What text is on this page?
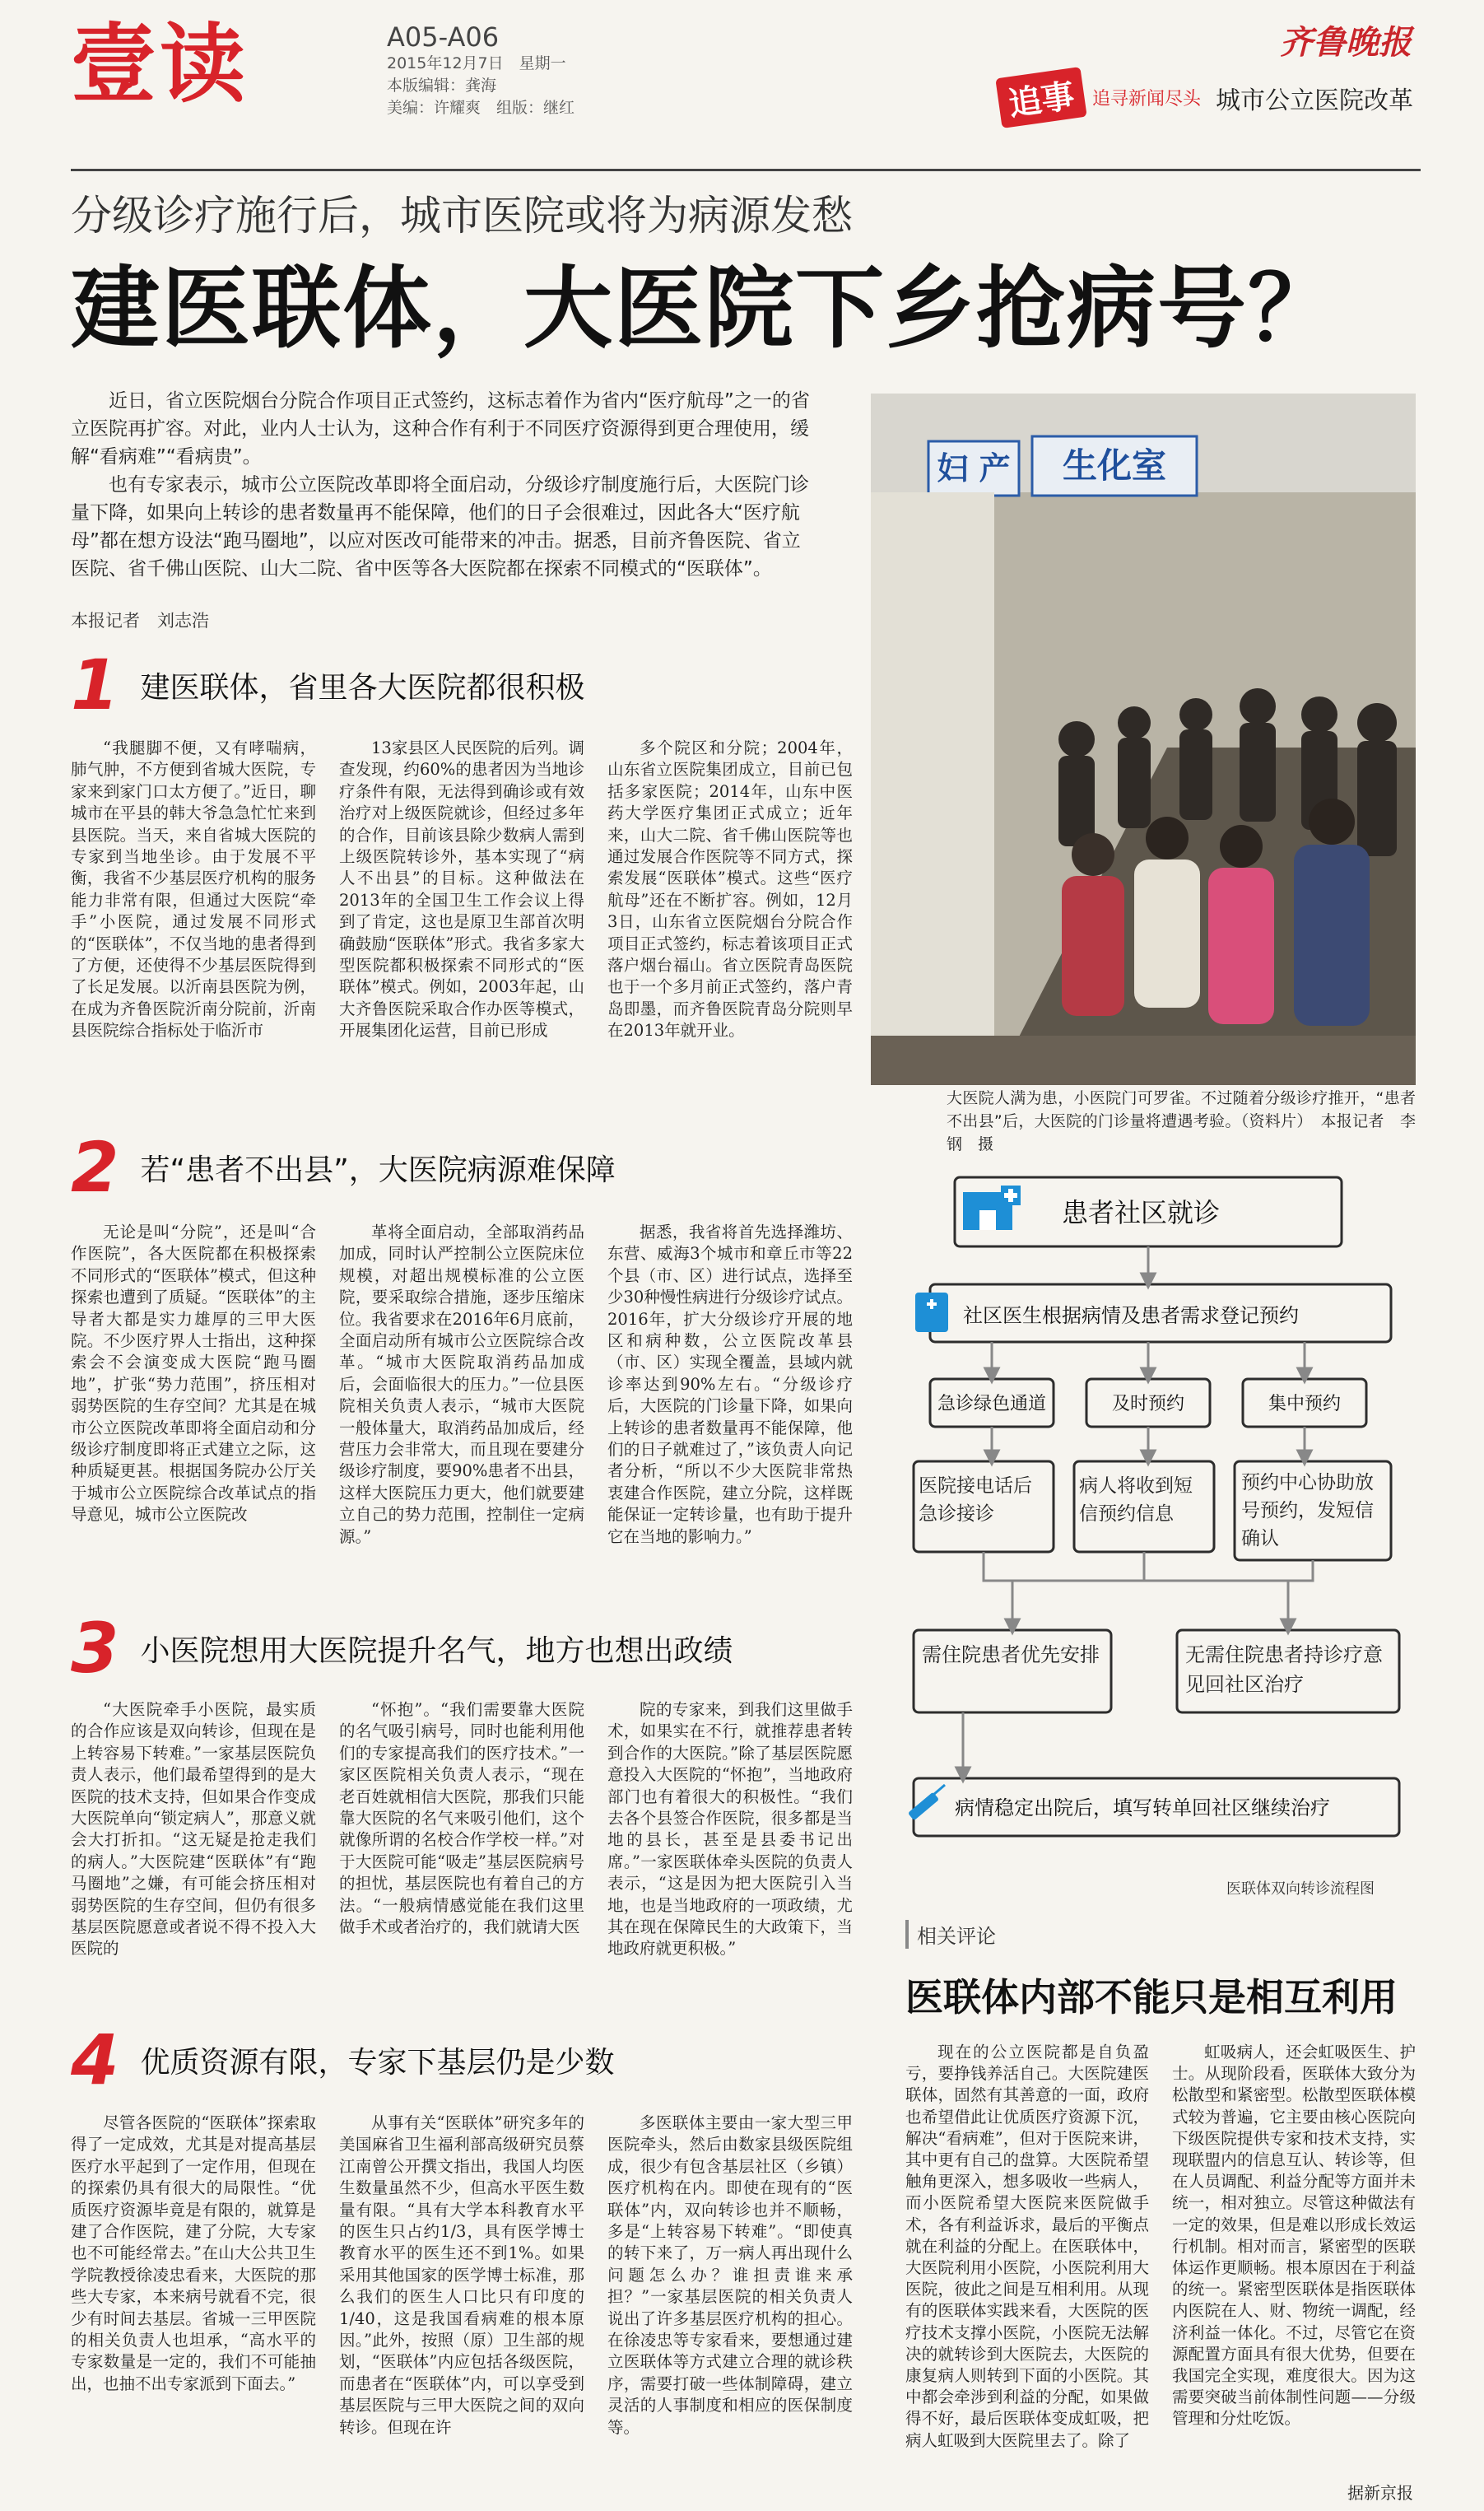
壹读	A05-A06
2015年12月7日　星期一
本版编辑：龚海
美编：许耀爽　组版：继红
齐鲁晚报
追事 追寻新闻尽头 城市公立医院改革
分级诊疗施行后，城市医院或将为病源发愁
建医联体，大医院下乡抢病号？

近日，省立医院烟台分院合作项目正式签约，这标志着作为省内“医疗航母”之一的省立医院再扩容。对此，业内人士认为，这种合作有利于不同医疗资源得到更合理使用，缓解“看病难”“看病贵”。

也有专家表示，城市公立医院改革即将全面启动，分级诊疗制度施行后，大医院门诊量下降，如果向上转诊的患者数量再不能保障，他们的日子会很难过，因此各大“医疗航母”都在想方设法“跑马圈地”，以应对医改可能带来的冲击。据悉，目前齐鲁医院、省立医院、省千佛山医院、山大二院、省中医等各大医院都在探索不同模式的“医联体”。

本报记者　刘志浩
1 建医联体，省里各大医院都很积极

“我腿脚不便，又有哮喘病，肺气肿，不方便到省城大医院，专家来到家门口太方便了。”近日，聊城市在平县的韩大爷急急忙忙来到县医院。当天，来自省城大医院的专家到当地坐诊。由于发展不平衡，我省不少基层医疗机构的服务能力非常有限，但通过大医院“牵手”小医院，通过发展不同形式的“医联体”，不仅当地的患者得到了方便，还使得不少基层医院得到了长足发展。以沂南县医院为例，在成为齐鲁医院沂南分院前，沂南县医院综合指标处于临沂市

13家县区人民医院的后列。调查发现，约60%的患者因为当地诊疗条件有限，无法得到确诊或有效治疗对上级医院就诊，但经过多年的合作，目前该县除少数病人需到上级医院转诊外，基本实现了“病人不出县”的目标。这种做法在2013年的全国卫生工作会议上得到了肯定，这也是原卫生部首次明确鼓励“医联体”形式。我省多家大型医院都积极探索不同形式的“医联体”模式。例如，2003年起，山大齐鲁医院采取合作办医等模式，开展集团化运营，目前已形成

多个院区和分院；2004年，山东省立医院集团成立，目前已包括多家医院；2014年，山东中医药大学医疗集团正式成立；近年来，山大二院、省千佛山医院等也通过发展合作医院等不同方式，探索发展“医联体”模式。这些“医疗航母”还在不断扩容。例如，12月3日，山东省立医院烟台分院合作项目正式签约，标志着该项目正式落户烟台福山。省立医院青岛医院也于一个多月前正式签约，落户青岛即墨，而齐鲁医院青岛分院则早在2013年就开业。

2 若“患者不出县”，大医院病源难保障

无论是叫“分院”，还是叫“合作医院”，各大医院都在积极探索不同形式的“医联体”模式，但这种探索也遭到了质疑。“医联体”的主导者大都是实力雄厚的三甲大医院。不少医疗界人士指出，这种探索会不会演变成大医院“跑马圈地”，扩张“势力范围”，挤压相对弱势医院的生存空间？尤其是在城市公立医院改革即将全面启动和分级诊疗制度即将正式建立之际，这种质疑更甚。根据国务院办公厅关于城市公立医院综合改革试点的指导意见，城市公立医院改

革将全面启动，全部取消药品加成，同时认严控制公立医院床位规模，对超出规模标准的公立医院，要采取综合措施，逐步压缩床位。我省要求在2016年6月底前，全面启动所有城市公立医院综合改革。“城市大医院取消药品加成后，会面临很大的压力。”一位县医院相关负责人表示，“城市大医院一般体量大，取消药品加成后，经营压力会非常大，而且现在要建分级诊疗制度，要90%患者不出县，这样大医院压力更大，他们就要建立自己的势力范围，控制住一定病源。”

据悉，我省将首先选择潍坊、东营、威海3个城市和章丘市等22个县（市、区）进行试点，选择至少30种慢性病进行分级诊疗试点。2016年，扩大分级诊疗开展的地区和病种数，公立医院改革县（市、区）实现全覆盖，县域内就诊率达到90%左右。“分级诊疗后，大医院的门诊量下降，如果向上转诊的患者数量再不能保障，他们的日子就难过了，”该负责人向记者分析，“所以不少大医院非常热衷建合作医院，建立分院，这样既能保证一定转诊量，也有助于提升它在当地的影响力。”

3 小医院想用大医院提升名气，地方也想出政绩

“大医院牵手小医院，最实质的合作应该是双向转诊，但现在是上转容易下转难。”一家基层医院负责人表示，他们最希望得到的是大医院的技术支持，但如果合作变成大医院单向“锁定病人”，那意义就会大打折扣。“这无疑是抢走我们的病人。”大医院建“医联体”有“跑马圈地”之嫌，有可能会挤压相对弱势医院的生存空间，但仍有很多基层医院愿意或者说不得不投入大医院的

“怀抱”。“我们需要靠大医院的名气吸引病号，同时也能利用他们的专家提高我们的医疗技术。”一家区医院相关负责人表示，“现在老百姓就相信大医院，那我们只能靠大医院的名气来吸引他们，这个就像所谓的名校合作学校一样。”对于大医院可能“吸走”基层医院病号的担忧，基层医院也有着自己的方法。“一般病情感觉能在我们这里做手术或者治疗的，我们就请大医

院的专家来，到我们这里做手术，如果实在不行，就推荐患者转到合作的大医院。”除了基层医院愿意投入大医院的“怀抱”，当地政府部门也有着很大的积极性。“我们去各个县签合作医院，很多都是当地的县长，甚至是县委书记出席。”一家医联体牵头医院的负责人表示，“这是因为把大医院引入当地，也是当地政府的一项政绩，尤其在现在保障民生的大政策下，当地政府就更积极。”

4 优质资源有限，专家下基层仍是少数

尽管各医院的“医联体”探索取得了一定成效，尤其是对提高基层医疗水平起到了一定作用，但现在的探索仍具有很大的局限性。“优质医疗资源毕竟是有限的，就算是建了合作医院，建了分院，大专家也不可能经常去。”在山大公共卫生学院教授徐凌忠看来，大医院的那些大专家，本来病号就看不完，很少有时间去基层。省城一三甲医院的相关负责人也坦承，“高水平的专家数量是一定的，我们不可能抽出，也抽不出专家派到下面去。”

从事有关“医联体”研究多年的美国麻省卫生福利部高级研究员蔡江南曾公开撰文指出，我国人均医生数量虽然不少，但高水平医生数量有限。“具有大学本科教育水平的医生只占约1/3，具有医学博士教育水平的医生还不到1%。如果采用其他国家的医学博士标准，那么我们的医生人口比只有印度的1/40，这是我国看病难的根本原因。”此外，按照（原）卫生部的规划，“医联体”内应包括各级医院，而患者在“医联体”内，可以享受到基层医院与三甲大医院之间的双向转诊。但现在许

多医联体主要由一家大型三甲医院牵头，然后由数家县级医院组成，很少有包含基层社区（乡镇）医疗机构在内。即使在现有的“医联体”内，双向转诊也并不顺畅，多是“上转容易下转难”。“即使真的转下来了，万一病人再出现什么问题怎么办？谁担责谁来承担？”一家基层医院的相关负责人说出了许多基层医疗机构的担心。在徐凌忠等专家看来，要想通过建立医联体等方式建立合理的就诊秩序，需要打破一些体制障碍，建立灵活的人事制度和相应的医保制度等。

妇 产 生化室
大医院人满为患，小医院门可罗雀。不过随着分级诊疗推开，“患者不出县”后，大医院的门诊量将遭遇考验。（资料片）　本报记者　李钢　摄
患者社区就诊
社区医生根据病情及患者需求登记预约
急诊绿色通道	及时预约	集中预约
医院接电话后急诊接诊
病人将收到短信预约信息
预约中心协助放号预约，发短信确认
需住院患者优先安排	无需住院患者持诊疗意见回社区治疗
病情稳定出院后，填写转单回社区继续治疗
医联体双向转诊流程图
相关评论
医联体内部不能只是相互利用

现在的公立医院都是自负盈亏，要挣钱养活自己。大医院建医联体，固然有其善意的一面，政府也希望借此让优质医疗资源下沉，解决“看病难”，但对于医院来讲，其中更有自己的盘算。大医院希望触角更深入，想多吸收一些病人，而小医院希望大医院来医院做手术，各有利益诉求，最后的平衡点就在利益的分配上。在医联体中，大医院利用小医院，小医院利用大医院，彼此之间是互相利用。从现有的医联体实践来看，大医院的医疗技术支撑小医院，小医院无法解决的就转诊到大医院去，大医院的康复病人则转到下面的小医院。其中都会牵涉到利益的分配，如果做得不好，最后医联体变成虹吸，把病人虹吸到大医院里去了。除了

虹吸病人，还会虹吸医生、护士。从现阶段看，医联体大致分为松散型和紧密型。松散型医联体模式较为普遍，它主要由核心医院向下级医院提供专家和技术支持，实现联盟内的信息互认、转诊等，但在人员调配、利益分配等方面并未统一，相对独立。尽管这种做法有一定的效果，但是难以形成长效运行机制。相对而言，紧密型的医联体运作更顺畅。根本原因在于利益的统一。紧密型医联体是指医联体内医院在人、财、物统一调配，经济利益一体化。不过，尽管它在资源配置方面具有很大优势，但要在我国完全实现，难度很大。因为这需要突破当前体制性问题——分级管理和分灶吃饭。

据新京报
